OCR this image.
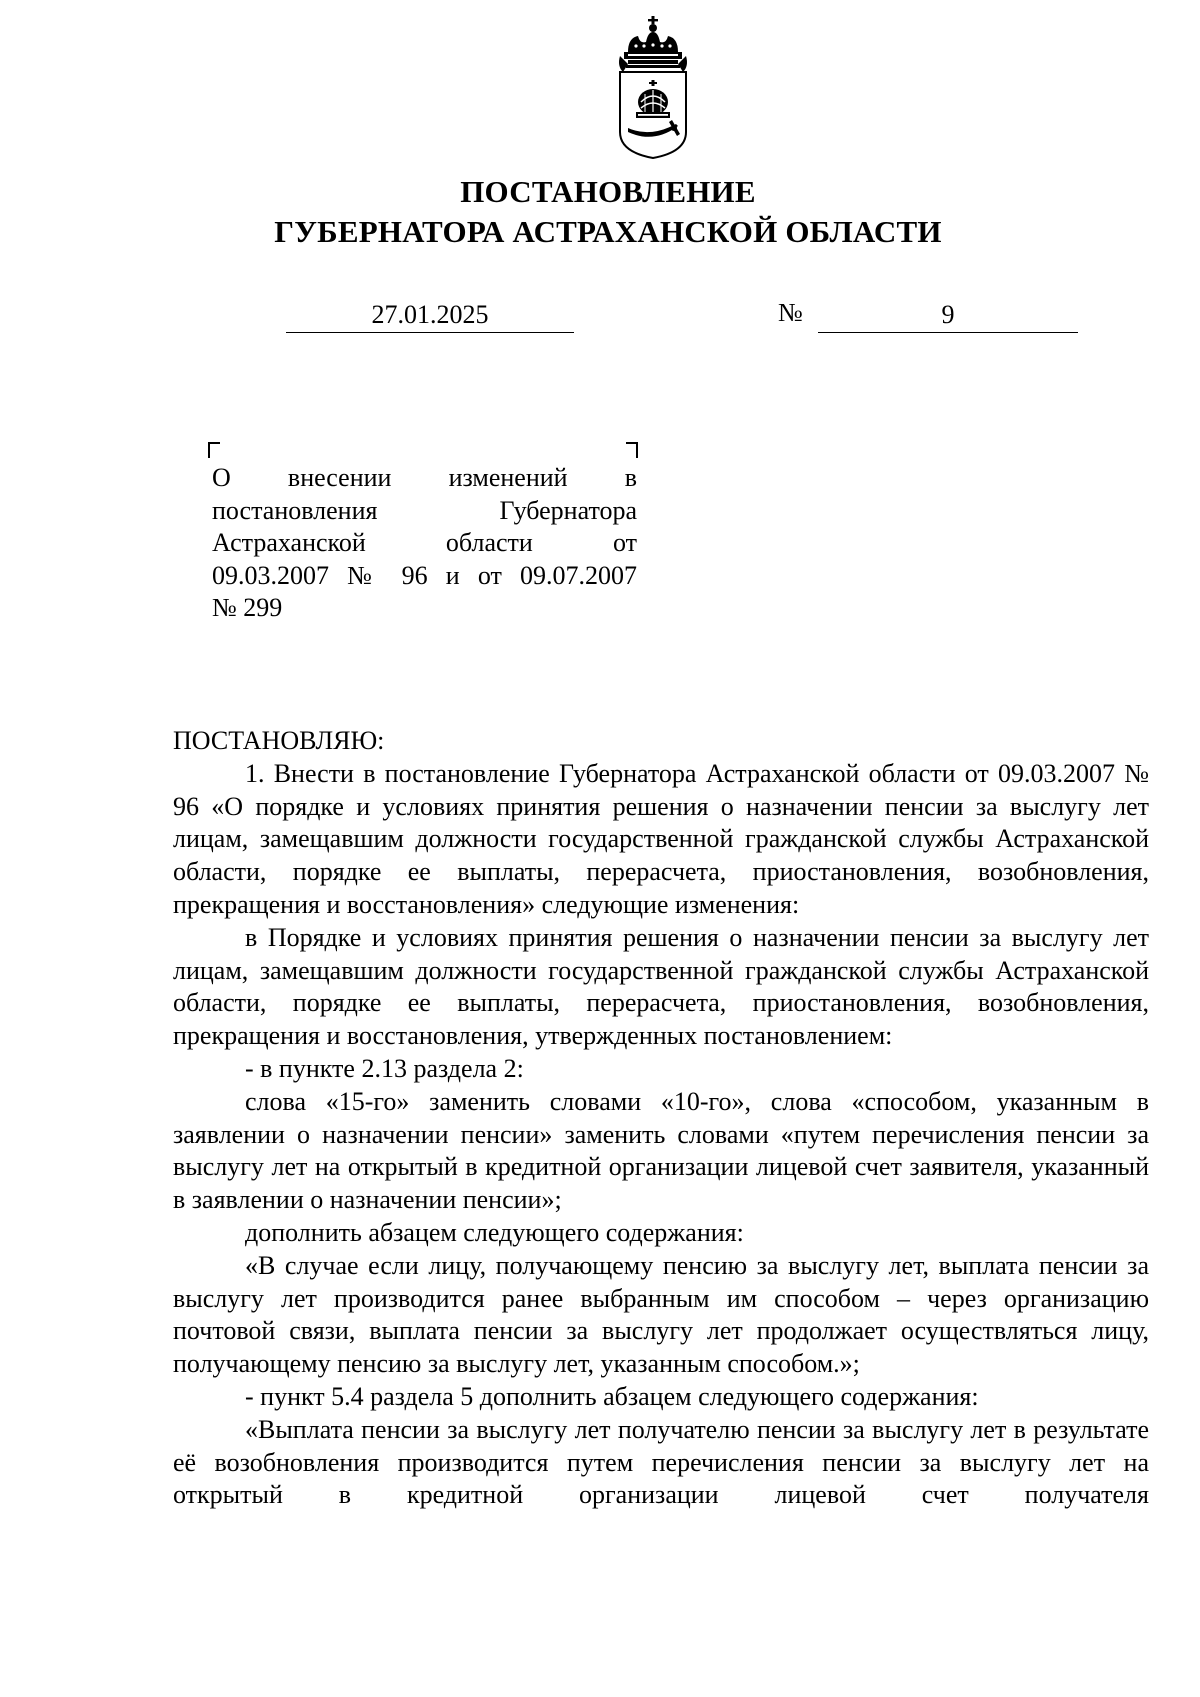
ПОСТАНОВЛЕНИЕ
ГУБЕРНАТОРА АСТРАХАНСКОЙ ОБЛАСТИ
27.01.2025	№	9
О внесении изменений в
постановления Губернатора
Астраханской области от
09.03.2007 № 96 и от 09.07.2007
№ 299

ПОСТАНОВЛЯЮ:

1. Внести в постановление Губернатора Астраханской области от 09.03.2007 № 96 «О порядке и условиях принятия решения о назначении пенсии за выслугу лет лицам, замещавшим должности государственной гражданской службы Астраханской области, порядке ее выплаты, перерасчета, приостановления, возобновления, прекращения и восстановления» следующие изменения:

в Порядке и условиях принятия решения о назначении пенсии за выслугу лет лицам, замещавшим должности государственной гражданской службы Астраханской области, порядке ее выплаты, перерасчета, приостановления, возобновления, прекращения и восстановления, утвержденных постановлением:

- в пункте 2.13 раздела 2:

слова «15-го» заменить словами «10-го», слова «способом, указанным в заявлении о назначении пенсии» заменить словами «путем перечисления пенсии за выслугу лет на открытый в кредитной организации лицевой счет заявителя, указанный в заявлении о назначении пенсии»;

дополнить абзацем следующего содержания:

«В случае если лицу, получающему пенсию за выслугу лет, выплата пенсии за выслугу лет производится ранее выбранным им способом – через организацию почтовой связи, выплата пенсии за выслугу лет продолжает осуществляться лицу, получающему пенсию за выслугу лет, указанным способом.»;

- пункт 5.4 раздела 5 дополнить абзацем следующего содержания:

«Выплата пенсии за выслугу лет получателю пенсии за выслугу лет в результате её возобновления производится путем перечисления пенсии за выслугу лет на открытый в кредитной организации лицевой счет получателя
